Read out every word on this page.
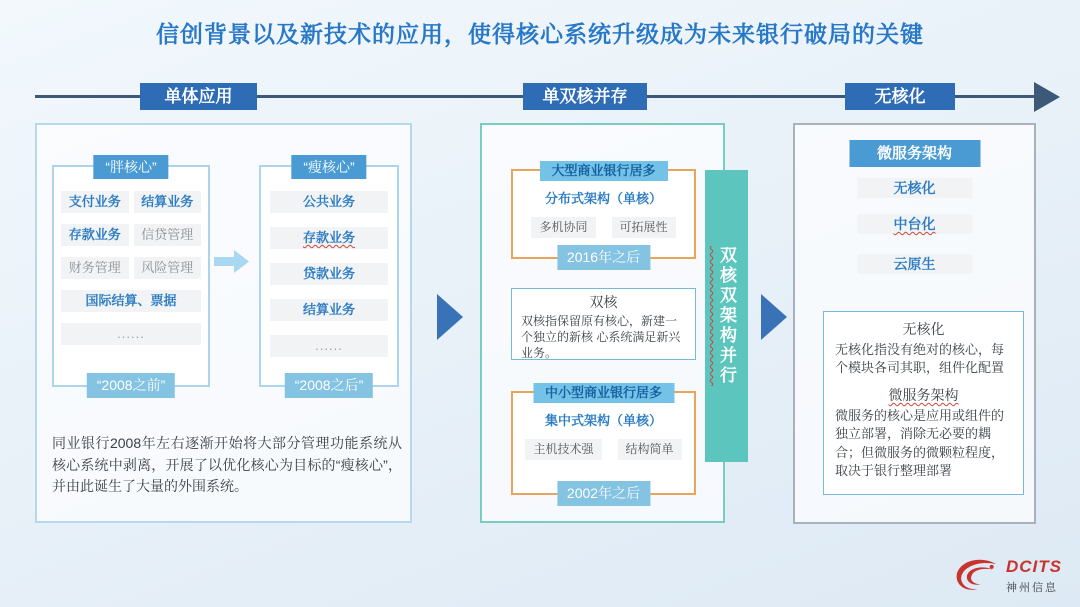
信创背景以及新技术的应用，使得核心系统升级成为未来银行破局的关键
单体应用	单双核并存	无核化
“胖核心”
支付业务	结算业务
存款业务	信贷管理
财务管理	风险管理
国际结算、票据
......
“2008之前”
“瘦核心”
公共业务
存款业务
贷款业务
结算业务
......
“2008之后”
同业银行2008年左右逐渐开始将大部分管理功能系统从核心系统中剥离，开展了以优化核心为目标的“瘦核心”，并由此诞生了大量的外围系统。
大型商业银行居多
分布式架构（单核）
多机协同	可拓展性
2016年之后
双核
双核指保留原有核心，新建一个独立的新核 心系统满足新兴业务。
中小型商业银行居多
集中式架构（单核）
主机技术强	结构简单
2002年之后
双核双架构并行
微服务架构
无核化
中台化
云原生
无核化
无核化指没有绝对的核心，每个模块各司其职，组件化配置
微服务架构
微服务的核心是应用或组件的独立部署，消除无必要的耦合；但微服务的微颗粒程度，取决于银行整理部署
DCITS
神州信息
